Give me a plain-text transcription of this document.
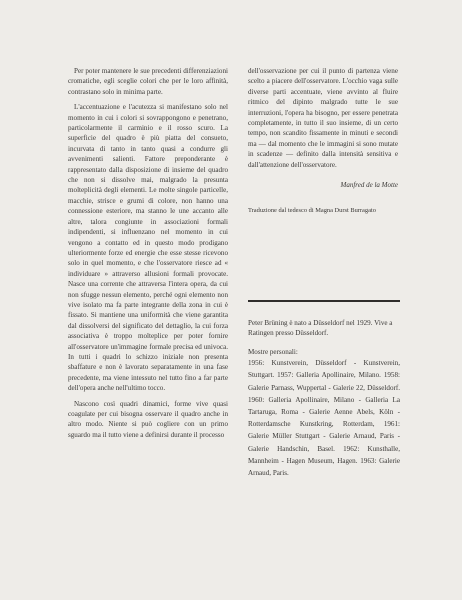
Per poter mantenere le sue precedenti differenziazioni cromatiche, egli sceglie colori che per le loro affinità, contrastano solo in minima parte.

L'accentuazione e l'acutezza si manifestano solo nel momento in cui i colori si sovrappongono e penetrano, particolarmente il carminio e il rosso scuro. La superficie del quadro è più piatta del consueto, incurvata di tanto in tanto quasi a condurre gli avvenimenti salienti. Fattore preponderante è rappresentato dalla disposizione di insieme del quadro che non si dissolve mai, malgrado la presunta molteplicità degli elementi. Le molte singole particelle, macchie, strisce e grumi di colore, non hanno una connessione esteriore, ma stanno le une accanto alle altre, talora congiunte in associazioni formali indipendenti, si influenzano nel momento in cui vengono a contatto ed in questo modo prodigano ulteriormente forze ed energie che esse stesse ricevono solo in quel momento, e che l'osservatore riesce ad « individuare » attraverso allusioni formali provocate. Nasce una corrente che attraversa l'intera opera, da cui non sfugge nessun elemento, perché ogni elemento non vive isolato ma fa parte integrante della zona in cui è fissato. Si mantiene una uniformità che viene garantita dal dissolversi del significato del dettaglio, la cui forza associativa è troppo molteplice per poter fornire all'osservatore un'immagine formale precisa ed univoca. In tutti i quadri lo schizzo iniziale non presenta sbaffature e non è lavorato separatamente in una fase precedente, ma viene intessuto nel tutto fino a far parte dell'opera anche nell'ultimo tocco.

Nascono così quadri dinamici, forme vive quasi coagulate per cui bisogna osservare il quadro anche in altro modo. Niente si può cogliere con un primo sguardo ma il tutto viene a definirsi durante il processo

dell'osservazione per cui il punto di partenza viene scelto a piacere dell'osservatore. L'occhio vaga sulle diverse parti accentuate, viene avvinto al fluire ritmico del dipinto malgrado tutte le sue interruzioni, l'opera ha bisogno, per essere penetrata completamente, in tutto il suo insieme, di un certo tempo, non scandito fissamente in minuti e secondi ma — dal momento che le immagini si sono mutate in scadenze — definito dalla intensità sensitiva e dall'attenzione dell'osservatore.

Manfred de la Motte
Traduzione dal tedesco di Magna Durst Burragato

Peter Brüning è nato a Düsseldorf nel 1929. Vive a Ratingen presso Düsseldorf.

Mostre personali:

1956: Kunstverein, Düsseldorf - Kunstverein, Stuttgart. 1957: Galleria Apollinaire, Milano. 1958: Galerie Parnass, Wuppertal - Galerie 22, Düsseldorf. 1960: Galleria Apollinaire, Milano - Galleria La Tartaruga, Roma - Galerie Aenne Abels, Köln - Rotterdamsche Kunstkring, Rotterdam, 1961: Galerie Müller Stuttgart - Galerie Arnaud, Paris - Galerie Handschin, Basel. 1962: Kunsthalle, Mannheim - Hagen Museum, Hagen. 1963: Galerie Arnaud, Paris.
